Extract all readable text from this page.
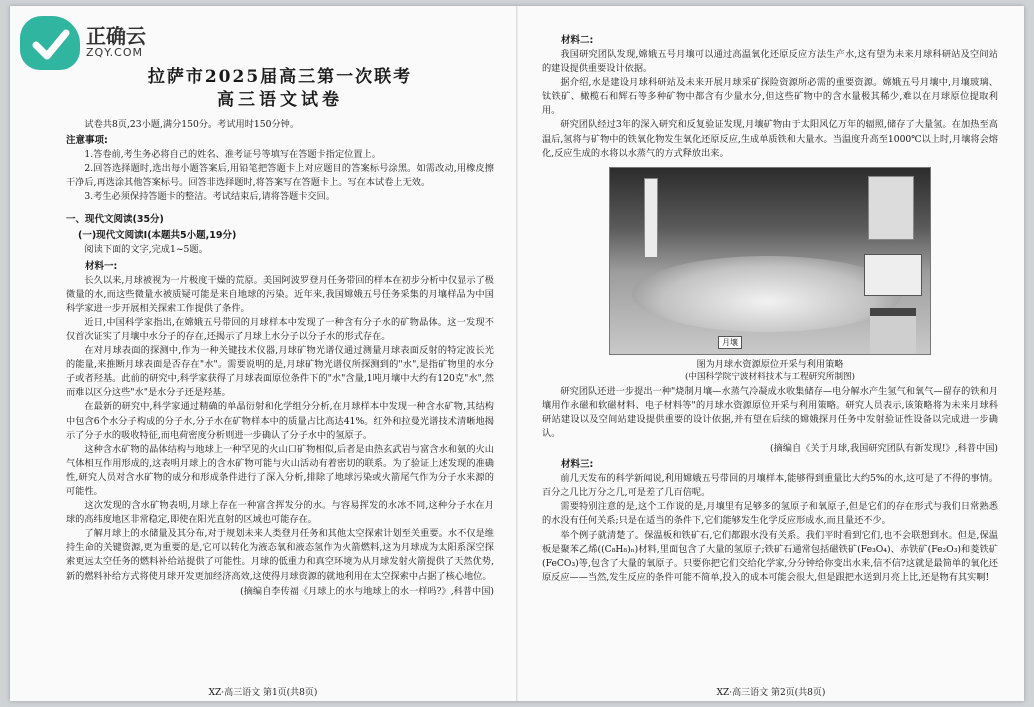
正确云
ZQY.COM
拉萨市2025届高三第一次联考
高三语文试卷

试卷共8页,23小题,满分150分。考试用时150分钟。

注意事项:

1.答卷前,考生务必将自己的姓名、准考证号等填写在答题卡指定位置上。

2.回答选择题时,选出每小题答案后,用铅笔把答题卡上对应题目的答案标号涂黑。如需改动,用橡皮擦干净后,再选涂其他答案标号。回答非选择题时,将答案写在答题卡上。写在本试卷上无效。

3.考生必须保持答题卡的整洁。考试结束后,请将答题卡交回。

一、现代文阅读(35分)

(一)现代文阅读Ⅰ(本题共5小题,19分)

阅读下面的文字,完成1~5题。

材料一:

长久以来,月球被视为一片极度干燥的荒原。美国阿波罗登月任务带回的样本在初步分析中仅显示了极微量的水,而这些微量水被质疑可能是来自地球的污染。近年来,我国嫦娥五号任务采集的月壤样品为中国科学家进一步开展相关探索工作提供了条件。

近日,中国科学家指出,在嫦娥五号带回的月球样本中发现了一种含有分子水的矿物晶体。这一发现不仅首次证实了月壤中水分子的存在,还揭示了月球上水分子以分子水的形式存在。

在对月球表面的探测中,作为一种关键技术仪器,月球矿物光谱仪通过测量月球表面反射的特定波长光的能量,来推断月球表面是否存在"水"。需要说明的是,月球矿物光谱仪所探测到的"水",是指矿物里的水分子或者羟基。此前的研究中,科学家获得了月球表面原位条件下的"水"含量,1吨月壤中大约有120克"水",然而难以区分这些"水"是水分子还是羟基。

在最新的研究中,科学家通过精确的单晶衍射和化学组分分析,在月球样本中发现一种含水矿物,其结构中包含6个水分子构成的分子水,分子水在矿物样本中的质量占比高达41%。红外和拉曼光谱技术清晰地揭示了分子水的吸收特征,而电荷密度分析则进一步确认了分子水中的氢原子。

这种含水矿物的晶体结构与地球上一种罕见的火山口矿物相似,后者是由热玄武岩与富含水和氨的火山气体相互作用形成的,这表明月球上的含水矿物可能与火山活动有着密切的联系。为了验证上述发现的准确性,研究人员对含水矿物的成分和形成条件进行了深入分析,排除了地球污染或火箭尾气作为分子水来源的可能性。

这次发现的含水矿物表明,月球上存在一种富含挥发分的水。与容易挥发的水冰不同,这种分子水在月球的高纬度地区非常稳定,即使在阳光直射的区域也可能存在。

了解月球上的水储量及其分布,对于规划未来人类登月任务和其他太空探索计划至关重要。水不仅是维持生命的关键资源,更为重要的是,它可以转化为液态氧和液态氢作为火箭燃料,这为月球成为太阳系深空探索更远太空任务的燃料补给站提供了可能性。月球的低重力和真空环境为从月球发射火箭提供了天然优势,新的燃料补给方式将使月球开发更加经济高效,这使得月球资源的就地利用在太空探索中占据了核心地位。

(摘编自李传福《月球上的水与地球上的水一样吗?》,科普中国)

XZ·高三语文 第1页(共8页)

材料二:

我国研究团队发现,嫦娥五号月壤可以通过高温氧化还原反应方法生产水,这有望为未来月球科研站及空间站的建设提供重要设计依据。

据介绍,水是建设月球科研站及未来开展月球采矿探险资源所必需的重要资源。嫦娥五号月壤中,月壤玻璃、钛铁矿、橄榄石和辉石等多种矿物中都含有少量水分,但这些矿物中的含水量极其稀少,难以在月球原位提取利用。

研究团队经过3年的深入研究和反复验证发现,月壤矿物由于太阳风亿万年的辐照,储存了大量氢。在加热至高温后,氢将与矿物中的铁氧化物发生氧化还原反应,生成单质铁和大量水。当温度升高至1000℃以上时,月壤将会熔化,反应生成的水将以水蒸气的方式释放出来。

月壤

图为月球水资源原位开采与利用策略

(中国科学院宁波材料技术与工程研究所制图)

研究团队还进一步提出一种"烧制月壤—水蒸气冷凝成水收集储存—电分解水产生氢气和氧气—留存的铁和月壤用作永磁和软磁材料、电子材料等"的月球水资源原位开采与利用策略。研究人员表示,该策略将为未来月球科研站建设以及空间站建设提供重要的设计依据,并有望在后续的嫦娥探月任务中发射验证性设备以完成进一步确认。

(摘编自《关于月球,我国研究团队有新发现!》,科普中国)

材料三:

前几天发布的科学新闻说,利用嫦娥五号带回的月壤样本,能够得到重量比大约5%的水,这可是了不得的事情。百分之几比万分之几,可是差了几百倍呢。

需要特别注意的是,这个工作说的是,月壤里有足够多的氢原子和氧原子,但是它们的存在形式与我们日常熟悉的水没有任何关系;只是在适当的条件下,它们能够发生化学反应形成水,而且量还不少。

举个例子就清楚了。保温板和铁矿石,它们都跟水没有关系。我们平时看到它们,也不会联想到水。但是,保温板是聚苯乙烯((C₈H₈)ₙ)材料,里面包含了大量的氢原子;铁矿石通常包括磁铁矿(Fe₃O₄)、赤铁矿(Fe₂O₃)和菱铁矿(FeCO₃)等,包含了大量的氧原子。只要你把它们交给化学家,分分钟给你变出水来,信不信?这就是最简单的氧化还原反应——当然,发生反应的条件可能不简单,投入的成本可能会很大,但是跟把水送到月亮上比,还是物有其实啊!

XZ·高三语文 第2页(共8页)
